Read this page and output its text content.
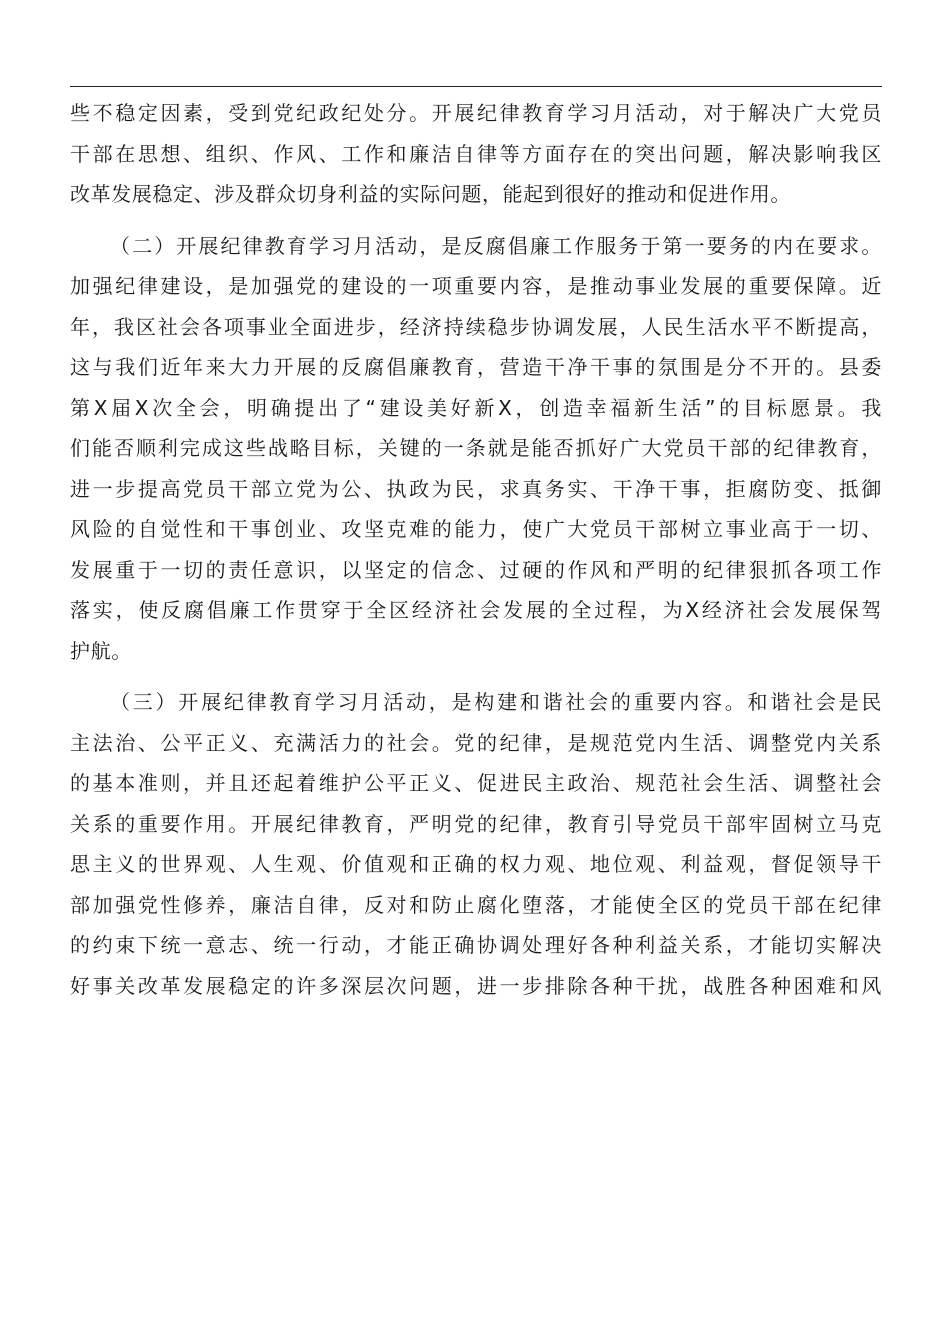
些不稳定因素，受到党纪政纪处分。开展纪律教育学习月活动，对于解决广大党员
干部在思想、组织、作风、工作和廉洁自律等方面存在的突出问题，解决影响我区
改革发展稳定、涉及群众切身利益的实际问题，能起到很好的推动和促进作用。
（二）开展纪律教育学习月活动，是反腐倡廉工作服务于第一要务的内在要求。
加强纪律建设，是加强党的建设的一项重要内容，是推动事业发展的重要保障。近
年，我区社会各项事业全面进步，经济持续稳步协调发展，人民生活水平不断提高，
这与我们近年来大力开展的反腐倡廉教育，营造干净干事的氛围是分不开的。县委
第X届X次全会，明确提出了“建设美好新X，创造幸福新生活”的目标愿景。我
们能否顺利完成这些战略目标，关键的一条就是能否抓好广大党员干部的纪律教育，
进一步提高党员干部立党为公、执政为民，求真务实、干净干事，拒腐防变、抵御
风险的自觉性和干事创业、攻坚克难的能力，使广大党员干部树立事业高于一切、
发展重于一切的责任意识，以坚定的信念、过硬的作风和严明的纪律狠抓各项工作
落实，使反腐倡廉工作贯穿于全区经济社会发展的全过程，为X经济社会发展保驾
护航。
（三）开展纪律教育学习月活动，是构建和谐社会的重要内容。和谐社会是民
主法治、公平正义、充满活力的社会。党的纪律，是规范党内生活、调整党内关系
的基本准则，并且还起着维护公平正义、促进民主政治、规范社会生活、调整社会
关系的重要作用。开展纪律教育，严明党的纪律，教育引导党员干部牢固树立马克
思主义的世界观、人生观、价值观和正确的权力观、地位观、利益观，督促领导干
部加强党性修养，廉洁自律，反对和防止腐化堕落，才能使全区的党员干部在纪律
的约束下统一意志、统一行动，才能正确协调处理好各种利益关系，才能切实解决
好事关改革发展稳定的许多深层次问题，进一步排除各种干扰，战胜各种困难和风
